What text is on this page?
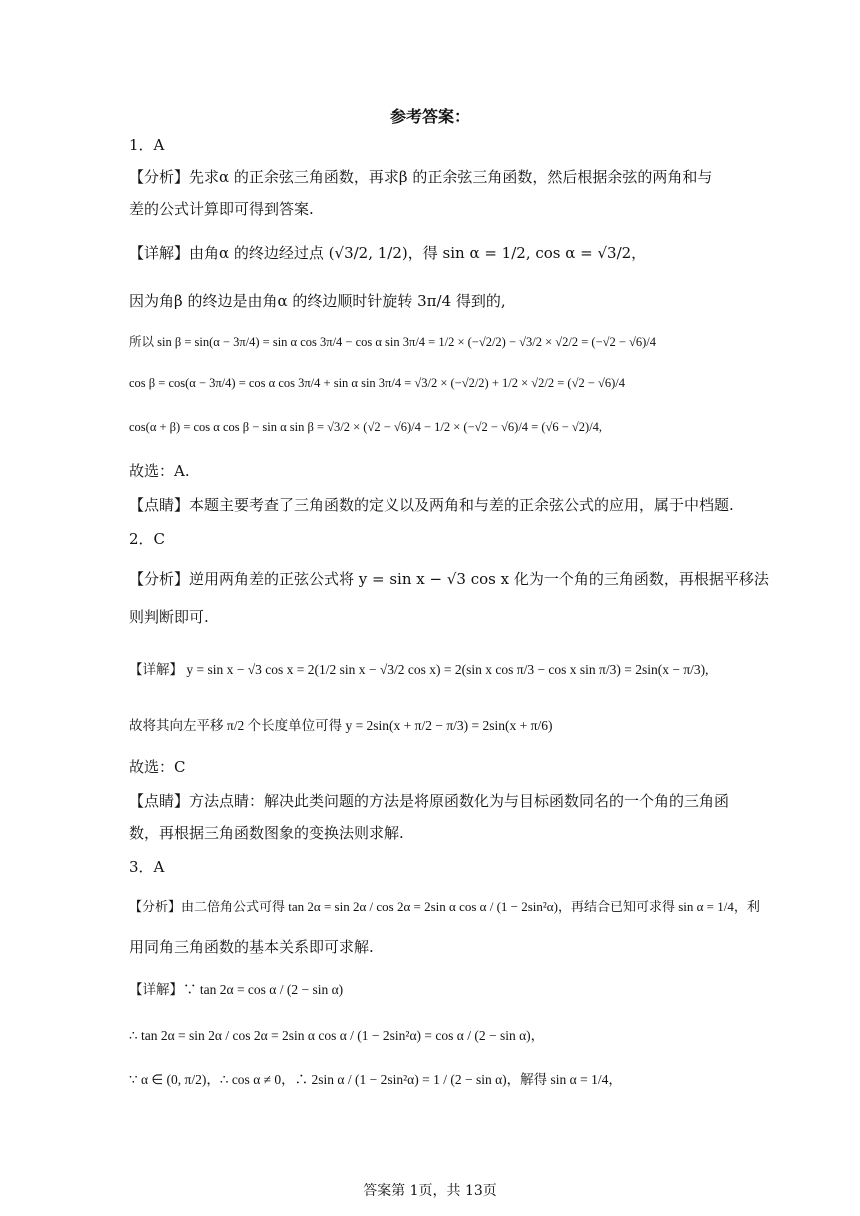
参考答案：
1．A
【分析】先求α 的正余弦三角函数，再求β 的正余弦三角函数，然后根据余弦的两角和与
差的公式计算即可得到答案.
【详解】由角α 的终边经过点 (√3/2, 1/2)，得 sin α = 1/2, cos α = √3/2，
因为角β 的终边是由角α 的终边顺时针旋转 3π/4 得到的,
所以 sin β = sin(α − 3π/4) = sin α cos 3π/4 − cos α sin 3π/4 = 1/2 × (−√2/2) − √3/2 × √2/2 = (−√2 − √6)/4
cos β = cos(α − 3π/4) = cos α cos 3π/4 + sin α sin 3π/4 = √3/2 × (−√2/2) + 1/2 × √2/2 = (√2 − √6)/4
cos(α + β) = cos α cos β − sin α sin β = √3/2 × (√2 − √6)/4 − 1/2 × (−√2 − √6)/4 = (√6 − √2)/4,
故选：A.
【点睛】本题主要考查了三角函数的定义以及两角和与差的正余弦公式的应用，属于中档题.
2．C
【分析】逆用两角差的正弦公式将 y = sin x − √3 cos x 化为一个角的三角函数，再根据平移法
则判断即可.
【详解】 y = sin x − √3 cos x = 2(1/2 sin x − √3/2 cos x) = 2(sin x cos π/3 − cos x sin π/3) = 2sin(x − π/3),
故将其向左平移 π/2 个长度单位可得 y = 2sin(x + π/2 − π/3) = 2sin(x + π/6)
故选：C
【点睛】方法点睛：解决此类问题的方法是将原函数化为与目标函数同名的一个角的三角函
数，再根据三角函数图象的变换法则求解.
3．A
【分析】由二倍角公式可得 tan 2α = sin 2α / cos 2α = 2sin α cos α / (1 − 2sin²α)，再结合已知可求得 sin α = 1/4，利
用同角三角函数的基本关系即可求解.
【详解】∵ tan 2α = cos α / (2 − sin α)
∴ tan 2α = sin 2α / cos 2α = 2sin α cos α / (1 − 2sin²α) = cos α / (2 − sin α)，
∵ α ∈ (0, π/2)，∴ cos α ≠ 0，∴ 2sin α / (1 − 2sin²α) = 1 / (2 − sin α)，解得 sin α = 1/4，
答案第 1页，共 13页
